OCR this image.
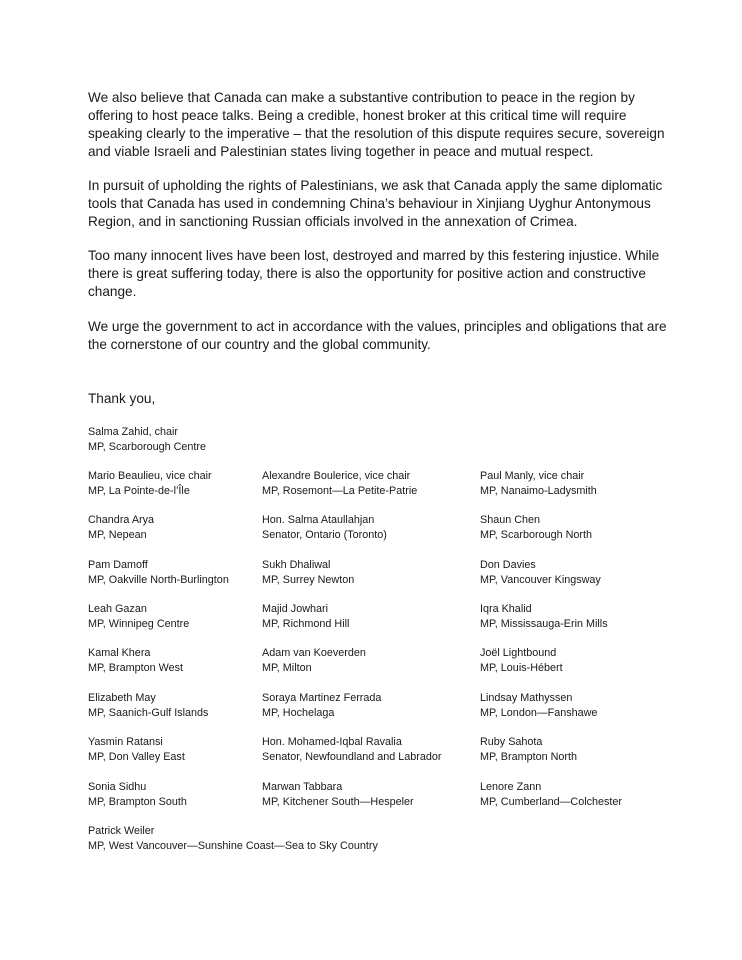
We also believe that Canada can make a substantive contribution to peace in the region by offering to host peace talks. Being a credible, honest broker at this critical time will require speaking clearly to the imperative – that the resolution of this dispute requires secure, sovereign and viable Israeli and Palestinian states living together in peace and mutual respect.

In pursuit of upholding the rights of Palestinians, we ask that Canada apply the same diplomatic tools that Canada has used in condemning China’s behaviour in Xinjiang Uyghur Antonymous Region, and in sanctioning Russian officials involved in the annexation of Crimea.

Too many innocent lives have been lost, destroyed and marred by this festering injustice. While there is great suffering today, there is also the opportunity for positive action and constructive change.

We urge the government to act in accordance with the values, principles and obligations that are the cornerstone of our country and the global community.

Thank you,

Salma Zahid, chair
MP, Scarborough Centre
Mario Beaulieu, vice chair
MP, La Pointe-de-l’Île
Alexandre Boulerice, vice chair
MP, Rosemont—La Petite-Patrie
Paul Manly, vice chair
MP, Nanaimo-Ladysmith
Chandra Arya
MP, Nepean
Hon. Salma Ataullahjan
Senator, Ontario (Toronto)
Shaun Chen
MP, Scarborough North
Pam Damoff
MP, Oakville North-Burlington
Sukh Dhaliwal
MP, Surrey Newton
Don Davies
MP, Vancouver Kingsway
Leah Gazan
MP, Winnipeg Centre
Majid Jowhari
MP, Richmond Hill
Iqra Khalid
MP, Mississauga-Erin Mills
Kamal Khera
MP, Brampton West
Adam van Koeverden
MP, Milton
Joël Lightbound
MP, Louis-Hébert
Elizabeth May
MP, Saanich-Gulf Islands
Soraya Martinez Ferrada
MP, Hochelaga
Lindsay Mathyssen
MP, London—Fanshawe
Yasmin Ratansi
MP, Don Valley East
Hon. Mohamed-Iqbal Ravalia
Senator, Newfoundland and Labrador
Ruby Sahota
MP, Brampton North
Sonia Sidhu
MP, Brampton South
Marwan Tabbara
MP, Kitchener South—Hespeler
Lenore Zann
MP, Cumberland—Colchester
Patrick Weiler
MP, West Vancouver—Sunshine Coast—Sea to Sky Country
